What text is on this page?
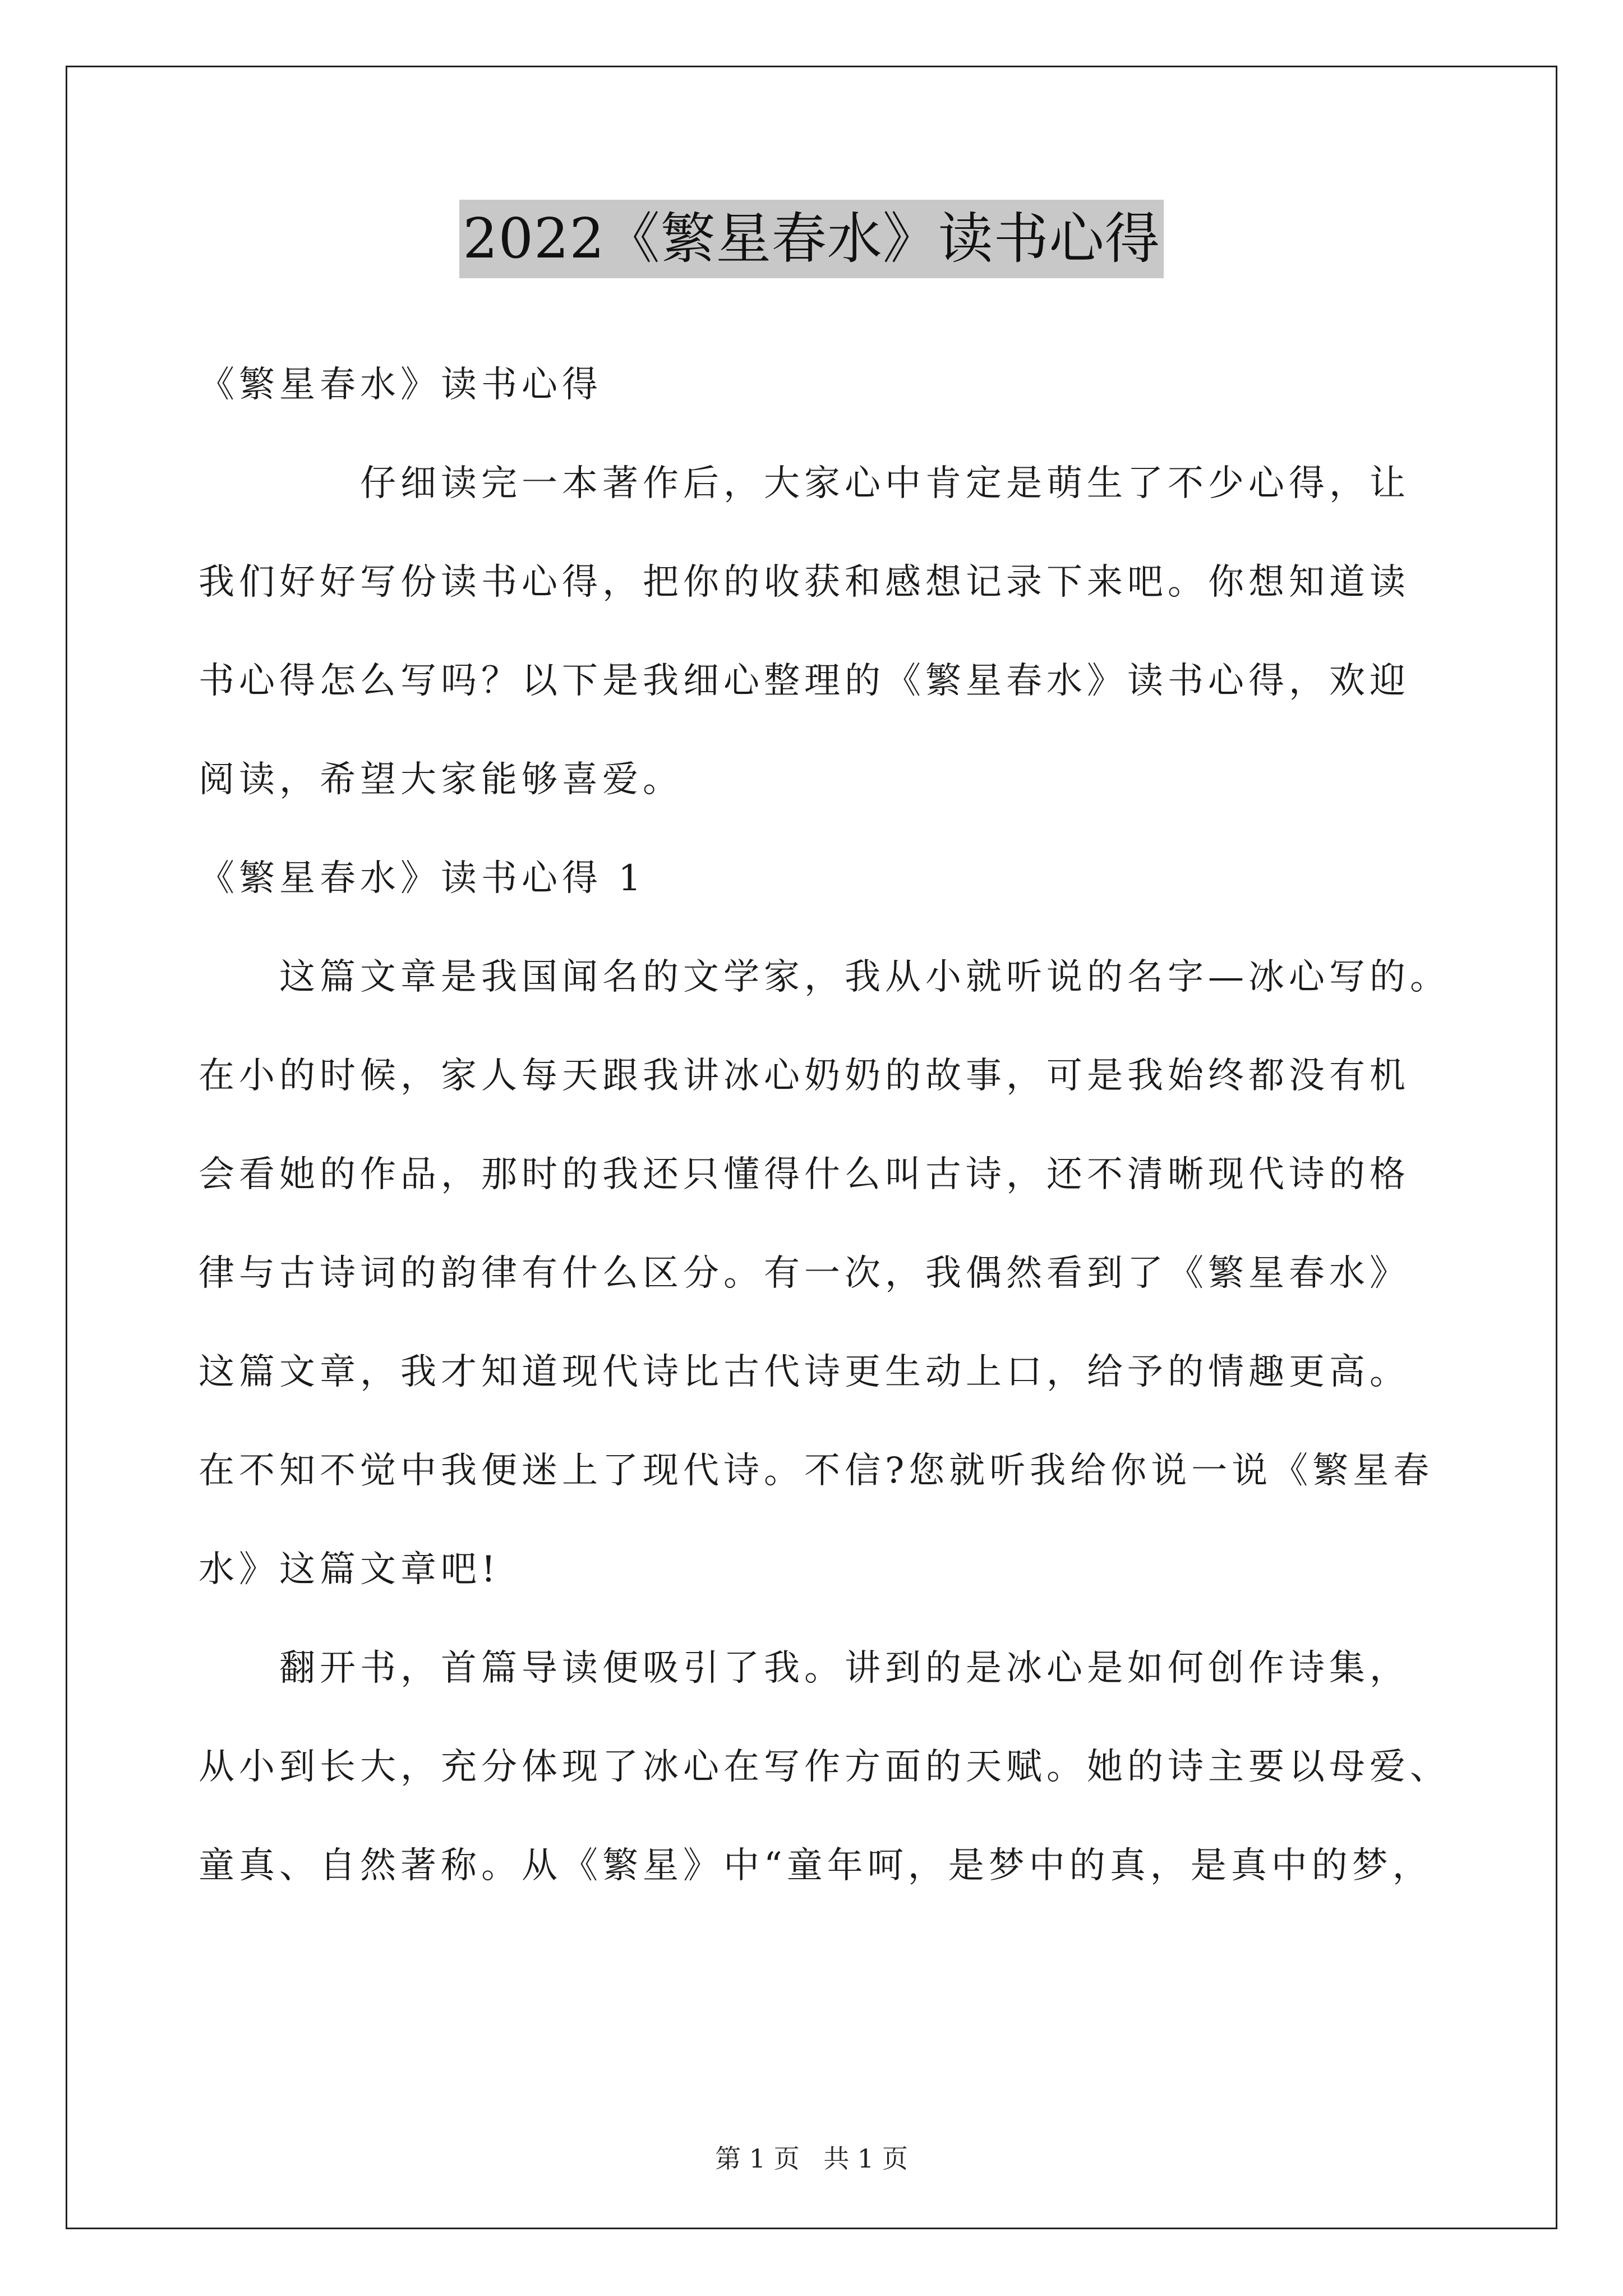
2022《繁星春水》读书心得
《繁星春水》读书心得
　　　　仔细读完一本著作后，大家心中肯定是萌生了不少心得，让
我们好好写份读书心得，把你的收获和感想记录下来吧。你想知道读
书心得怎么写吗？以下是我细心整理的《繁星春水》读书心得，欢迎
阅读，希望大家能够喜爱。
《繁星春水》读书心得 1
　　这篇文章是我国闻名的文学家，我从小就听说的名字—冰心写的。
在小的时候，家人每天跟我讲冰心奶奶的故事，可是我始终都没有机
会看她的作品，那时的我还只懂得什么叫古诗，还不清晰现代诗的格
律与古诗词的韵律有什么区分。有一次，我偶然看到了《繁星春水》
这篇文章，我才知道现代诗比古代诗更生动上口，给予的情趣更高。
在不知不觉中我便迷上了现代诗。不信?您就听我给你说一说《繁星春
水》这篇文章吧!
　　翻开书，首篇导读便吸引了我。讲到的是冰心是如何创作诗集，
从小到长大，充分体现了冰心在写作方面的天赋。她的诗主要以母爱、
童真、自然著称。从《繁星》中“童年呵，是梦中的真，是真中的梦，
第 1 页 共 1 页
